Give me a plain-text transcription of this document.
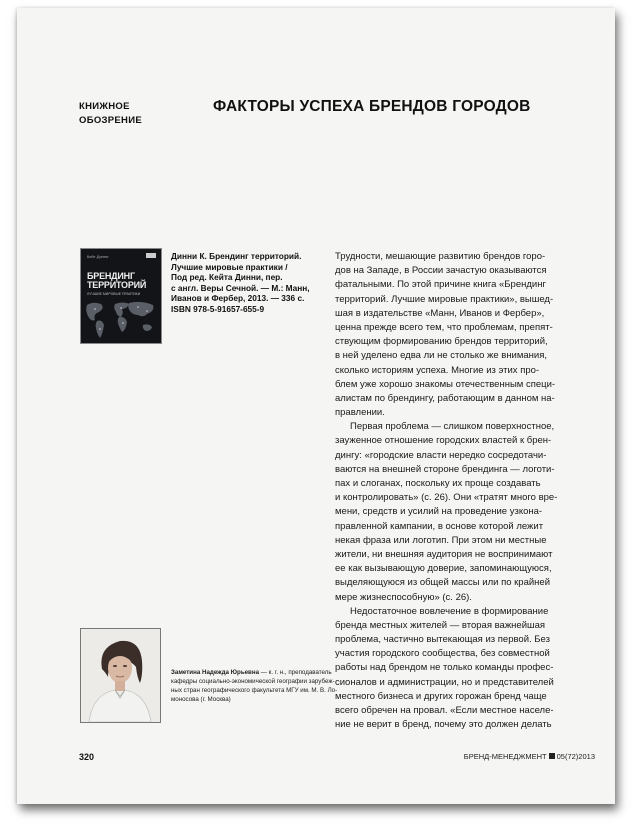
КНИЖНОЕ
ОБОЗРЕНИЕ
ФАКТОРЫ УСПЕХА БРЕНДОВ ГОРОДОВ
Кейт Динни
БРЕНДИНГ
ТЕРРИТОРИЙ
ЛУЧШИЕ МИРОВЫЕ ПРАКТИКИ
Динни К. Брендинг территорий.
Лучшие мировые практики /
Под ред. Кейта Динни, пер.
с англ. Веры Сечной. — М.: Манн,
Иванов и Фербер, 2013. — 336 с.
ISBN 978-5-91657-655-9
Трудности, мешающие развитию брендов горо-
дов на Западе, в России зачастую оказываются
фатальными. По этой причине книга «Брендинг
территорий. Лучшие мировые практики», вышед-
шая в издательстве «Манн, Иванов и Фербер»,
ценна прежде всего тем, что проблемам, препят-
ствующим формированию брендов территорий,
в ней уделено едва ли не столько же внимания,
сколько историям успеха. Многие из этих про-
блем уже хорошо знакомы отечественным специ-
алистам по брендингу, работающим в данном на-
правлении.
Первая проблема — слишком поверхностное,
зауженное отношение городских властей к брен-
дингу: «городские власти нередко сосредотачи-
ваются на внешней стороне брендинга — логоти-
пах и слоганах, поскольку их проще создавать
и контролировать» (с. 26). Они «тратят много вре-
мени, средств и усилий на проведение узкона-
правленной кампании, в основе которой лежит
некая фраза или логотип. При этом ни местные
жители, ни внешняя аудитория не воспринимают
ее как вызывающую доверие, запоминающуюся,
выделяющуюся из общей массы или по крайней
мере жизнеспособную» (с. 26).
Недостаточное вовлечение в формирование
бренда местных жителей — вторая важнейшая
проблема, частично вытекающая из первой. Без
участия городского сообщества, без совместной
работы над брендом не только команды профес-
сионалов и администрации, но и представителей
местного бизнеса и других горожан бренд чаще
всего обречен на провал. «Если местное населе-
ние не верит в бренд, почему это должен делать
Заметина Надежда Юрьевна — к. г. н., преподаватель
кафедры социально-экономической географии зарубеж-
ных стран географического факультета МГУ им. М. В. Ло-
моносова (г. Москва)
320	БРЕНД-МЕНЕДЖМЕНТ 05(72)2013
